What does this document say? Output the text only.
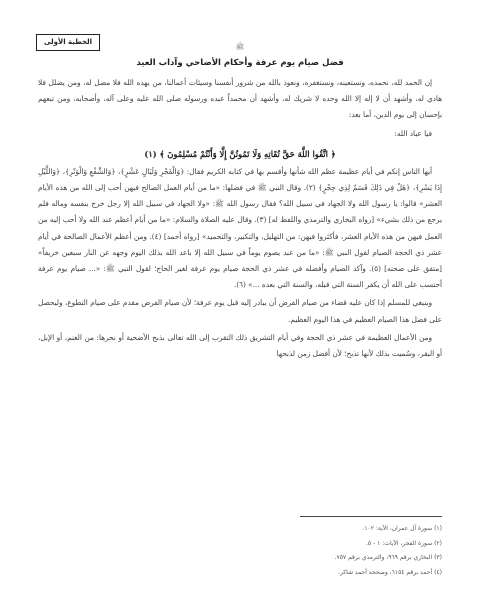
الخطبة الأولى
ﷺ
فضل صيام يوم عرفة وأحكام الأضاحي وآداب العيد

إن الحمد لله، نحمده، ونستعينه، ونستغفره، ونعوذ بالله من شرور أنفسنا وسيئات أعمالنا، من يهده الله فلا مضل له، ومن يضلل فلا هادي له، وأشهد أن لا إله إلا الله وحده لا شريك له، وأشهد أن محمداً عبده ورسوله صلى الله عليه وعلى آله، وأصحابه، ومن تبعهم بإحسان إلى يوم الدين، أما بعد:

فيا عباد الله:

﴿ اتَّقُوا اللَّهَ حَقَّ تُقَاتِهِ وَلَا تَمُوتُنَّ إِلَّا وَأَنْتُمْ مُسْلِمُونَ ﴾ (١)

أيها الناس إنكم في أيام عظيمة عظم الله شأنها وأقسم بها في كتابه الكريم فقال: ﴿وَالْفَجْرِ وَلَيَالٍ عَشْرٍ﴾، ﴿وَالشَّفْعِ وَالْوَتْرِ﴾، ﴿وَاللَّيْلِ إِذَا يَسْرِ﴾، ﴿هَلْ فِي ذَلِكَ قَسَمٌ لِذِي حِجْرٍ﴾ (٢). وقال النبي ﷺ في فضلها: «ما من أيام العمل الصالح فيهن أحب إلى الله من هذه الأيام العشر» قالوا: يا رسول الله ولا الجهاد في سبيل الله؟ فقال رسول الله ﷺ: «ولا الجهاد في سبيل الله إلا رجل خرج بنفسه وماله فلم يرجع من ذلك بشيء» [رواه البخاري والترمذي واللفظ له] (٣). وقال عليه الصلاة والسلام: «ما من أيام أعظم عند الله ولا أحب إليه من العمل فيهن من هذه الأيام العشر، فأكثروا فيهن: من التهليل، والتكبير، والتحميد» [رواه أحمد] (٤). ومن أعظم الأعمال الصالحة في أيام عشر ذي الحجة الصيام لقول النبي ﷺ: «ما من عبد يصوم يوماً في سبيل الله إلا باعد الله بذلك اليوم وجهه عن النار سبعين خريفاً» [متفق على صحته] (٥). وآكد الصيام وأفضله في عشر ذي الحجة صيام يوم عرفة لغير الحاج؛ لقول النبي ﷺ: «... صيام يوم عرفة أحتسب على الله أن يكفر السنة التي قبله، والسنة التي بعده ...» (٦).

وينبغي للمسلم إذا كان عليه قضاء من صيام الفرض أن يبادر إليه قبل يوم عرفة؛ لأن صيام الفرض مقدم على صيام التطوع، وليحصل على فضل هذا الصيام العظيم في هذا اليوم العظيم.

ومن الأعمال العظيمة في عشر ذي الحجة وفي أيام التشريق ذلك التقرب إلى الله تعالى بذبح الأضحية أو نحرها: من الغنم، أو الإبل، أو البقر، وسُميت بذلك لأنها تذبح؛ لأن أفضل زمن لذبحها

(١) سورة آل عمران، الآية: ١٠٢.
(٢) سورة الفجر، الآيات: ١ - ٥.
(٣) البخاري برقم ٩٦٩، والترمذي برقم ٧٥٧.
(٤) أحمد برقم ٦١٥٤، وصححه أحمد شاكر.
